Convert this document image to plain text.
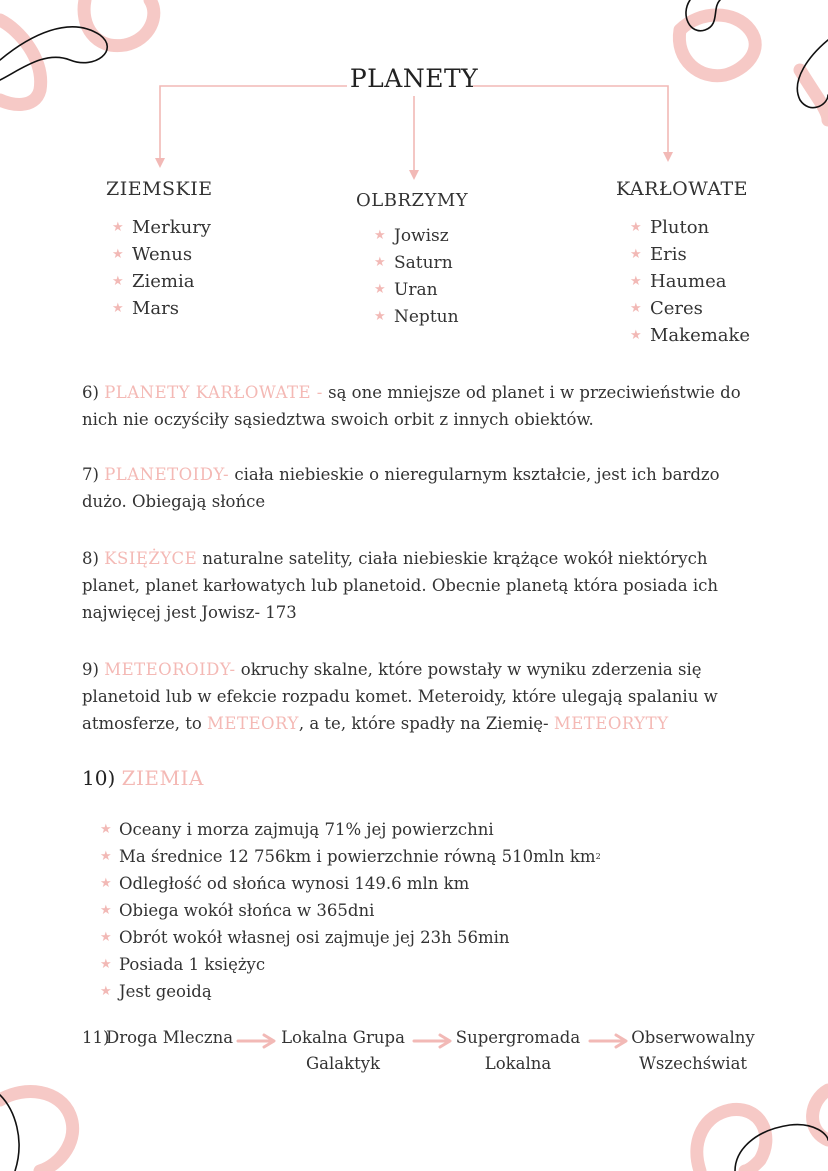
PLANETY
ZIEMSKIE
OLBRZYMY
KARŁOWATE
★ Merkury
★ Wenus
★ Ziemia
★ Mars
★ Jowisz
★ Saturn
★ Uran
★ Neptun
★ Pluton
★ Eris
★ Haumea
★ Ceres
★ Makemake
6) PLANETY KARŁOWATE - są one mniejsze od planet i w przeciwieństwie do
nich nie oczyściły sąsiedztwa swoich orbit z innych obiektów.
7) PLANETOIDY- ciała niebieskie o nieregularnym kształcie, jest ich bardzo
dużo. Obiegają słońce
8) KSIĘŻYCE naturalne satelity, ciała niebieskie krążące wokół niektórych
planet, planet karłowatych lub planetoid. Obecnie planetą która posiada ich
najwięcej jest Jowisz- 173
9) METEOROIDY- okruchy skalne, które powstały w wyniku zderzenia się
planetoid lub w efekcie rozpadu komet. Meteroidy, które ulegają spalaniu w
atmosferze, to METEORY, a te, które spadły na Ziemię- METEORYTY
10) ZIEMIA
★ Oceany i morza zajmują 71% jej powierzchni
★ Ma średnice 12 756km i powierzchnie równą 510mln km 2
★ Odległość od słońca wynosi 149.6 mln km
★ Obiega wokół słońca w 365dni
★ Obrót wokół własnej osi zajmuje jej 23h 56min
★ Posiada 1 księżyc
★ Jest geoidą
11)
Droga Mleczna	Lokalna Grupa
Galaktyk
Supergromada
Lokalna
Obserwowalny
Wszechświat
